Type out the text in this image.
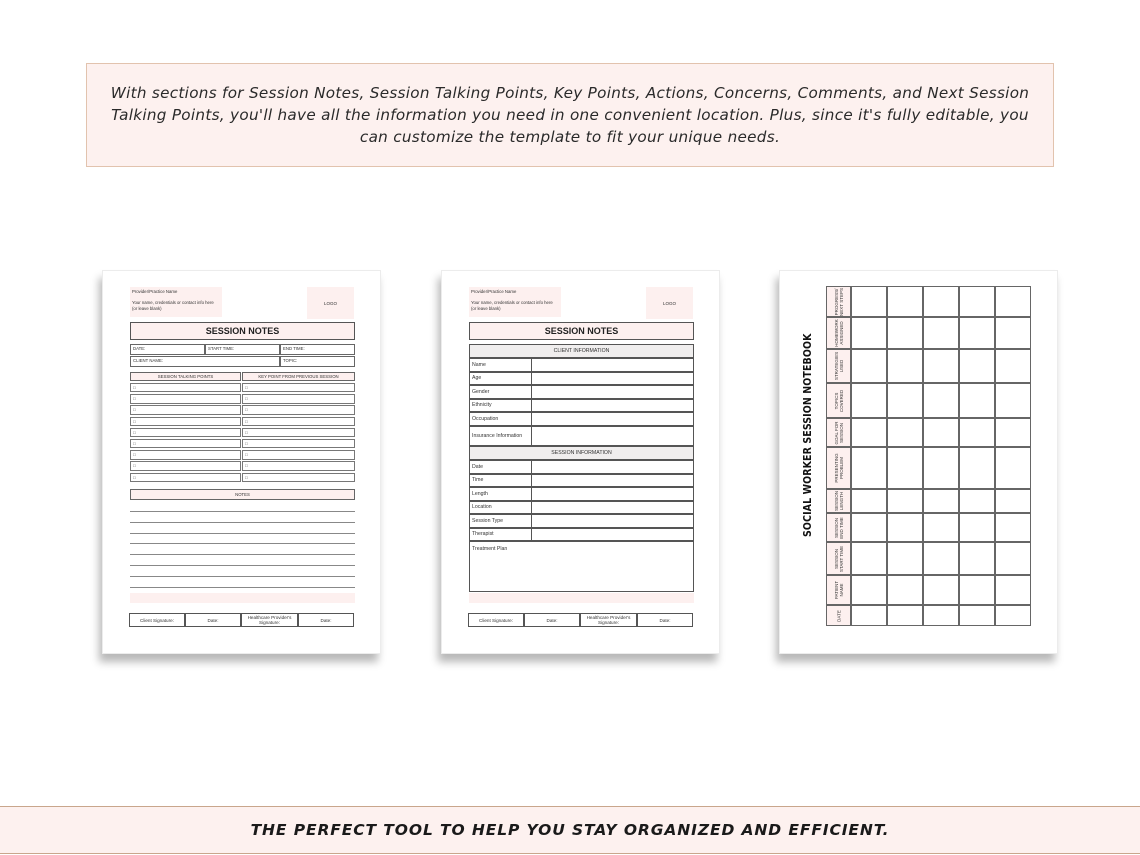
With sections for Session Notes, Session Talking Points, Key Points, Actions, Concerns, Comments, and Next Session Talking Points, you'll have all the information you need in one convenient location. Plus, since it's fully editable, you can customize the template to fit your unique needs.

Provider/Practice Name
Your name, credentials or contact info here (or leave blank)
LOGO
SESSION NOTES
DATE:	START TIME:	END TIME:
CLIENT NAME:	TOPIC:
SESSION TALKING POINTS	KEY POINT FROM PREVIOUS SESSION
□	□
□	□
□	□
□	□
□	□
□	□
□	□
□	□
□	□
NOTES
Client Signature:	Date:	Healthcare Provider's Signature:	Date:
Provider/Practice Name
Your name, credentials or contact info here (or leave blank)
LOGO
SESSION NOTES
CLIENT INFORMATION
Name
Age
Gender
Ethnicity
Occupation
Insurance Information
SESSION INFORMATION
Date
Time
Length
Location
Session Type
Therapist
Treatment Plan
Client Signature:	Date:	Healthcare Provider's Signature:	Date:
SOCIAL WORKER SESSION NOTEBOOK
PROGRESS/ NEXT STEPS
HOMEWORK ASSIGNED
STRATEGIES USED
TOPICS COVERED
GOAL FOR SESSION
PRESENTING PROBLEM
SESSION LENGTH
SESSION END TIME
SESSION START TIME
PATIENT NAME
DATE
THE PERFECT TOOL TO HELP YOU STAY ORGANIZED AND EFFICIENT.
